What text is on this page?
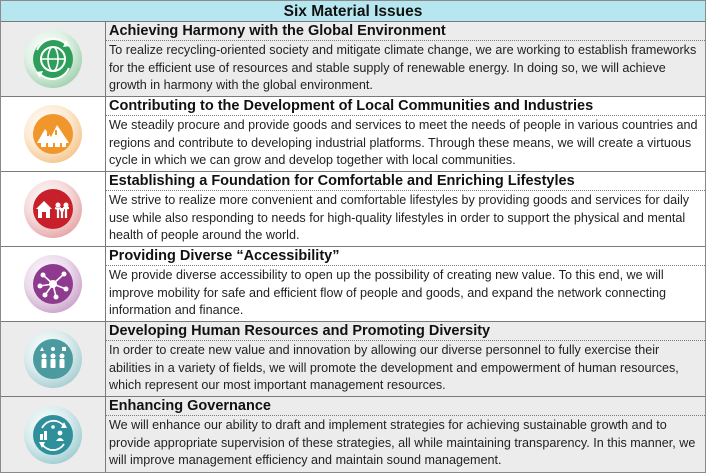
Six Material Issues
Achieving Harmony with the Global Environment
To realize recycling-oriented society and mitigate climate change, we are working to establish frameworks for the efficient use of resources and stable supply of renewable energy. In doing so, we will achieve growth in harmony with the global environment.
Contributing to the Development of Local Communities and Industries
We steadily procure and provide goods and services to meet the needs of people in various countries and regions and contribute to developing industrial platforms. Through these means, we will create a virtuous cycle in which we can grow and develop together with local communities.
Establishing a Foundation for Comfortable and Enriching Lifestyles
We strive to realize more convenient and comfortable lifestyles by providing goods and services for daily use while also responding to needs for high-quality lifestyles in order to support the physical and mental health of people around the world.
Providing Diverse “Accessibility”
We provide diverse accessibility to open up the possibility of creating new value. To this end, we will improve mobility for safe and efficient flow of people and goods, and expand the network connecting information and finance.
Developing Human Resources and Promoting Diversity
In order to create new value and innovation by allowing our diverse personnel to fully exercise their abilities in a variety of fields, we will promote the development and empowerment of human resources, which represent our most important management resources.
Enhancing Governance
We will enhance our ability to draft and implement strategies for achieving sustainable growth and to provide appropriate supervision of these strategies, all while maintaining transparency. In this manner, we will improve management efficiency and maintain sound management.
